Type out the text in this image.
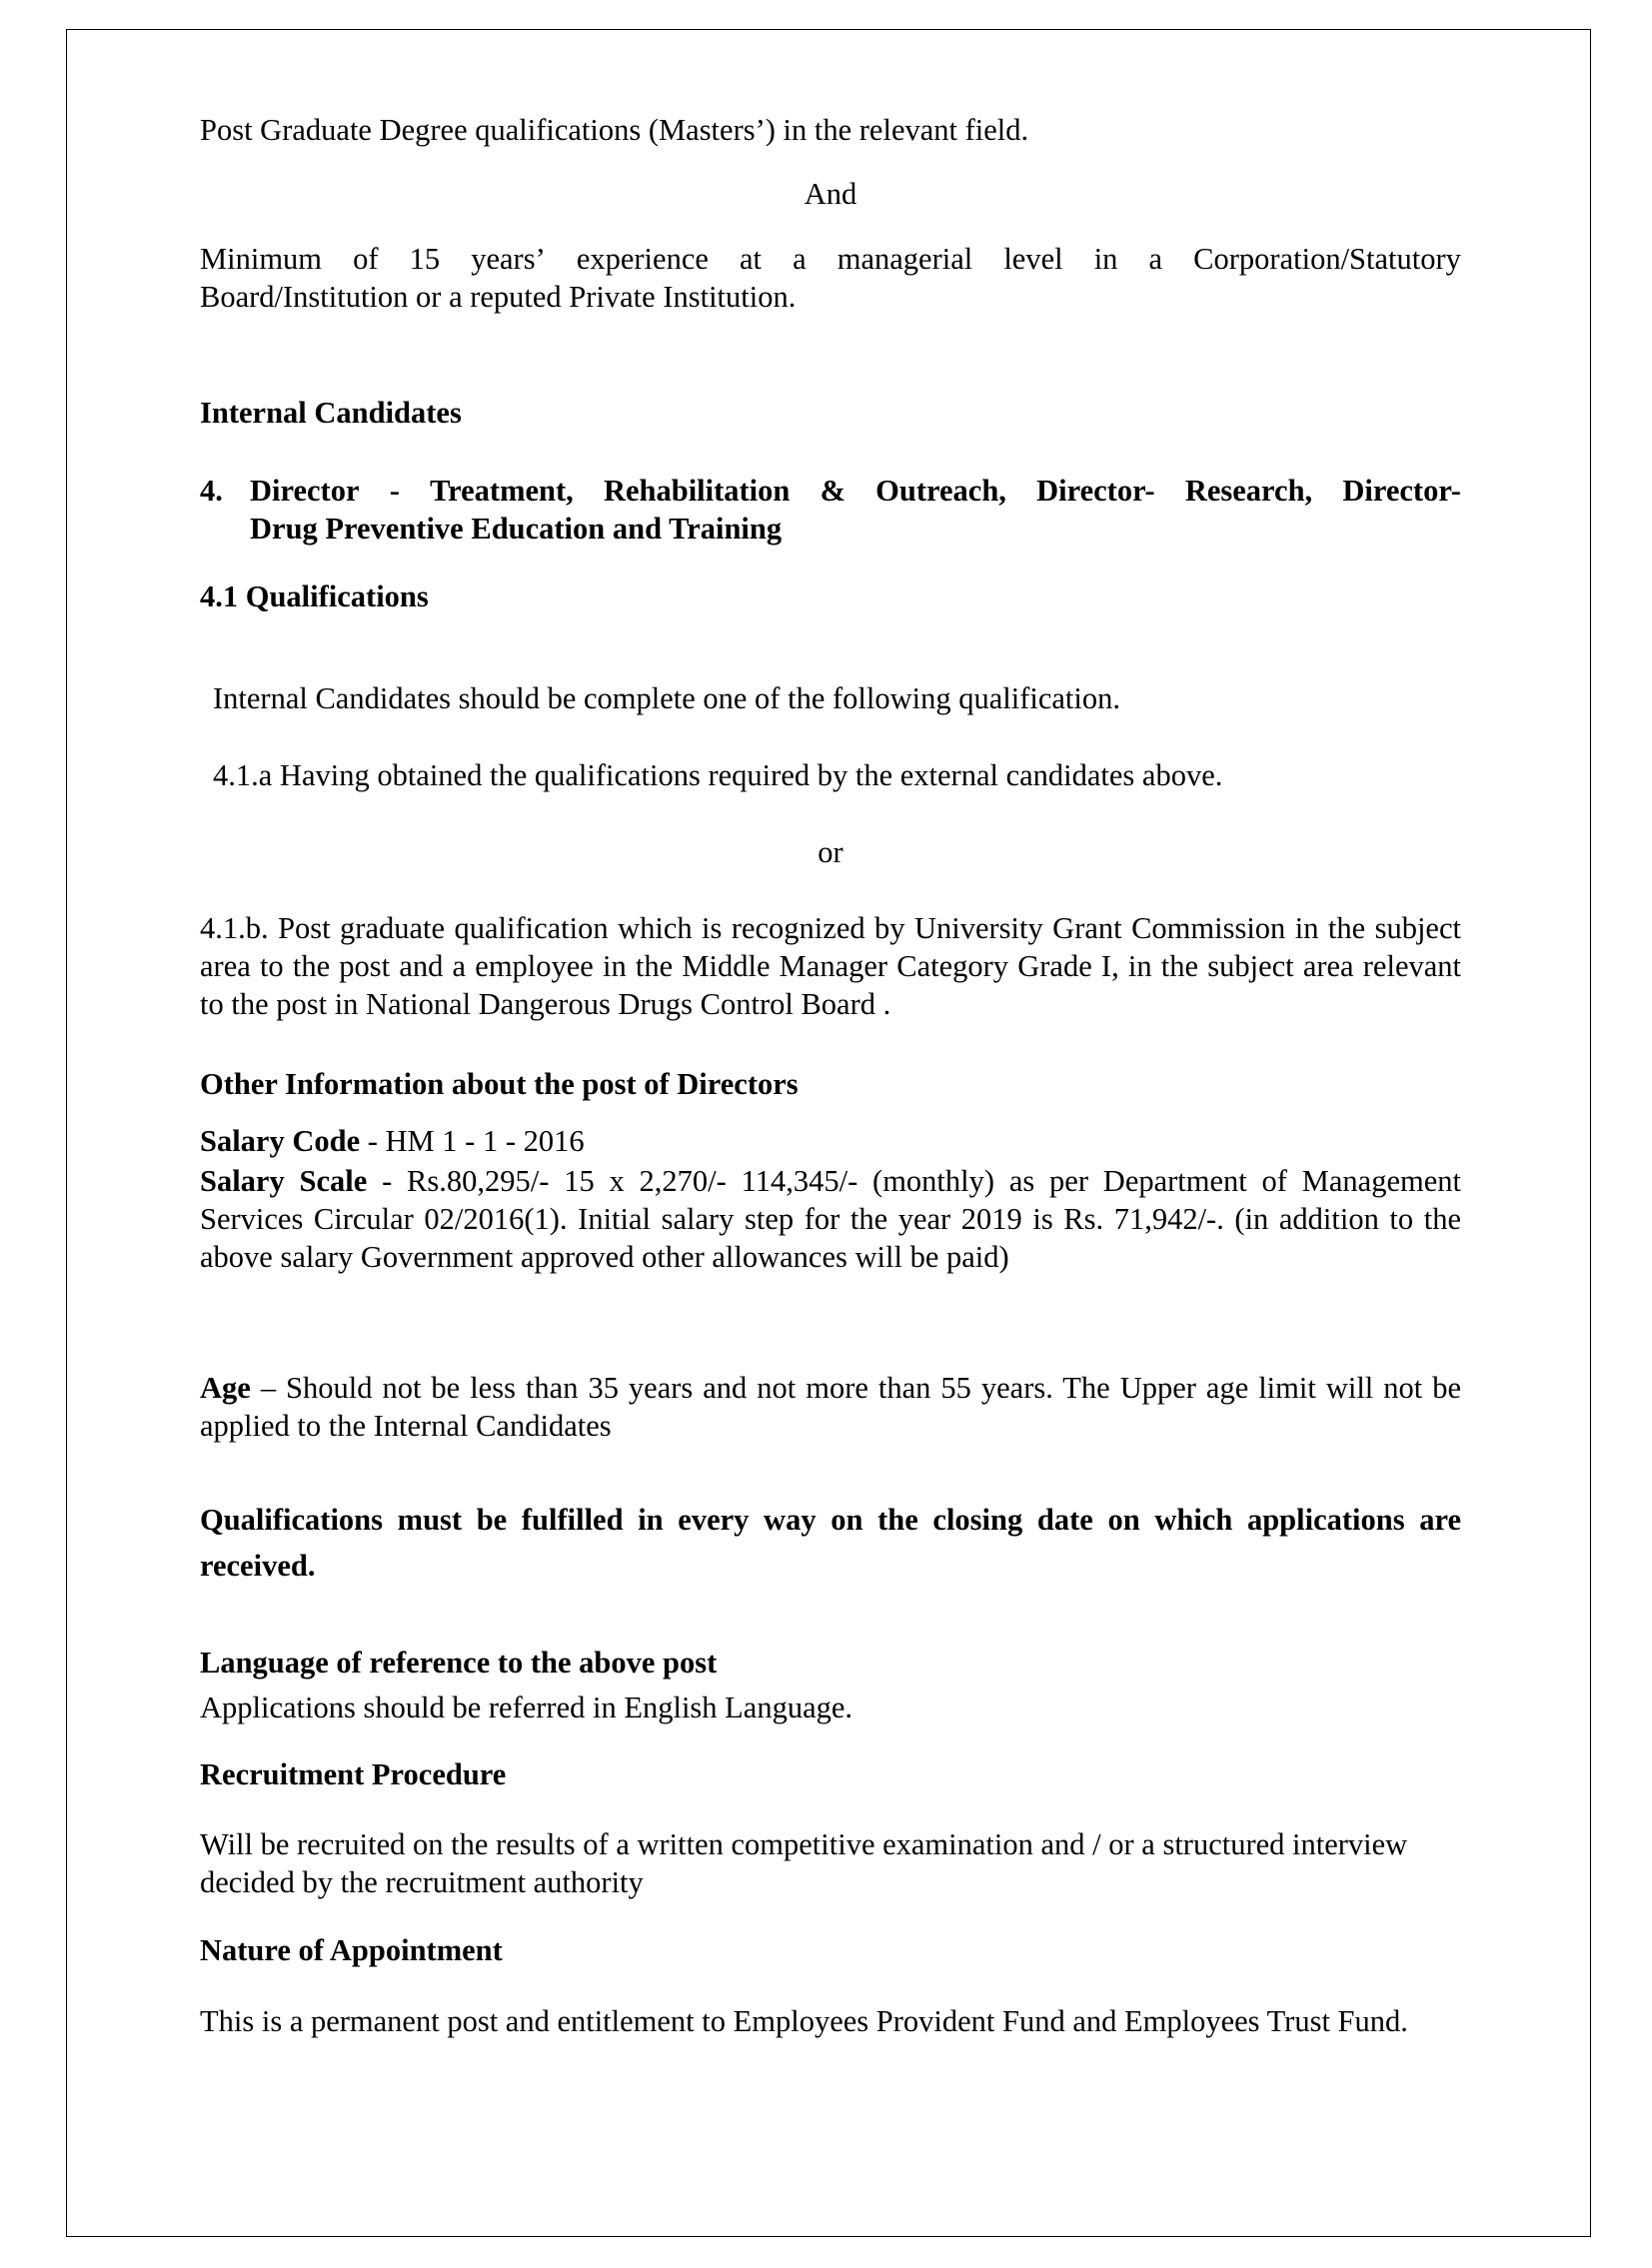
Post Graduate Degree qualifications (Masters’) in the relevant field.

And

Minimum of 15 years’ experience at a managerial level in a Corporation/Statutory
Board/Institution or a reputed Private Institution.

Internal Candidates

4. Director - Treatment, Rehabilitation & Outreach, Director- Research, Director-
Drug Preventive Education and Training

4.1 Qualifications

Internal Candidates should be complete one of the following qualification.

4.1.a Having obtained the qualifications required by the external candidates above.

or

4.1.b. Post graduate qualification which is recognized by University Grant Commission in the subject area to the post and a employee in the Middle Manager Category Grade I, in the subject area relevant to the post in National Dangerous Drugs Control Board .

Other Information about the post of Directors

Salary Code - HM 1 - 1 - 2016

Salary Scale - Rs.80,295/- 15 x 2,270/- 114,345/- (monthly) as per Department of Management Services Circular 02/2016(1). Initial salary step for the year 2019 is Rs. 71,942/-. (in addition to the above salary Government approved other allowances will be paid)

Age – Should not be less than 35 years and not more than 55 years. The Upper age limit will not be applied to the Internal Candidates

Qualifications must be fulfilled in every way on the closing date on which applications are received.

Language of reference to the above post

Applications should be referred in English Language.

Recruitment Procedure

Will be recruited on the results of a written competitive examination and / or a structured interview decided by the recruitment authority

Nature of Appointment

This is a permanent post and entitlement to Employees Provident Fund and Employees Trust Fund.
